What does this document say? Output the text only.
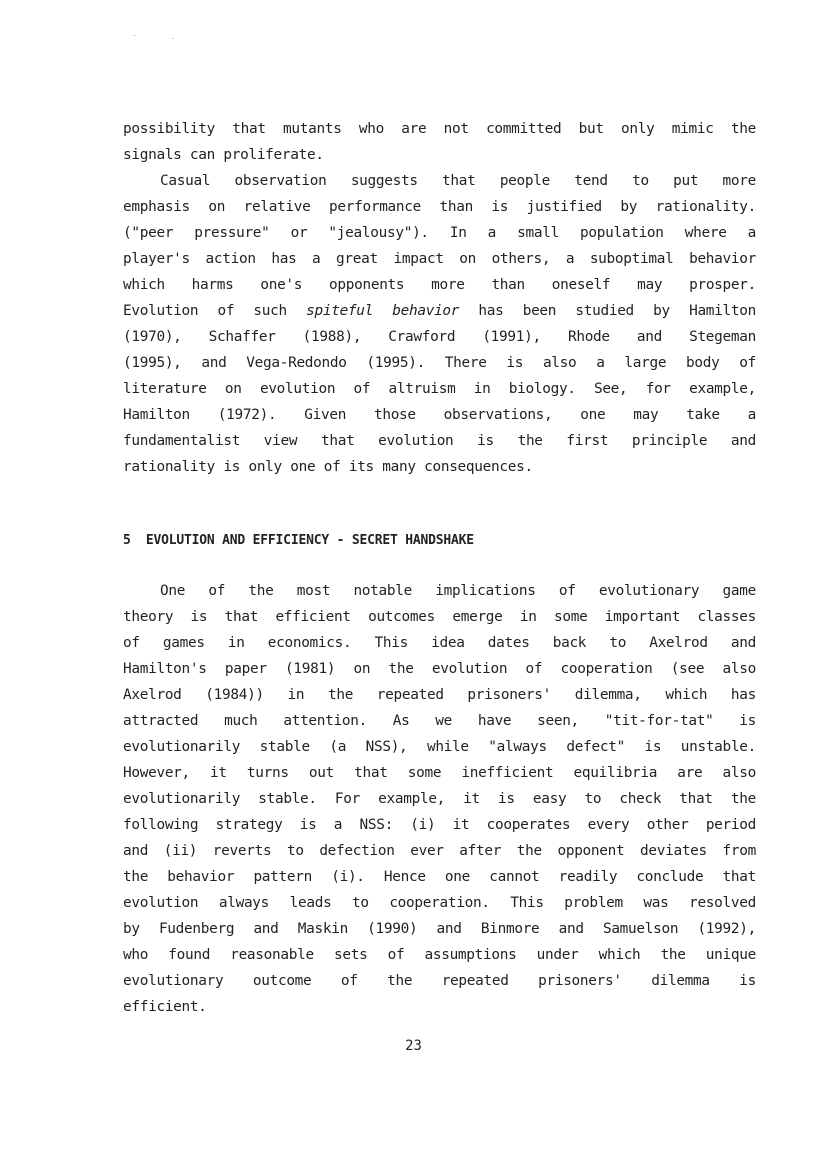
possibility that mutants who are not committed but only mimic the
signals can proliferate.

Casual observation suggests that people tend to put more
emphasis on relative performance than is justified by rationality.
("peer pressure" or "jealousy"). In a small population where a
player's action has a great impact on others, a suboptimal behavior
which harms one's opponents more than oneself may prosper.
Evolution of such spiteful behavior has been studied by Hamilton
(1970), Schaffer (1988), Crawford (1991), Rhode and Stegeman
(1995), and Vega-Redondo (1995). There is also a large body of
literature on evolution of altruism in biology. See, for example,
Hamilton (1972). Given those observations, one may take a
fundamentalist view that evolution is the first principle and
rationality is only one of its many consequences.

5 EVOLUTION AND EFFICIENCY - SECRET HANDSHAKE

One of the most notable implications of evolutionary game
theory is that efficient outcomes emerge in some important classes
of games in economics. This idea dates back to Axelrod and
Hamilton's paper (1981) on the evolution of cooperation (see also
Axelrod (1984)) in the repeated prisoners' dilemma, which has
attracted much attention. As we have seen, "tit-for-tat" is
evolutionarily stable (a NSS), while "always defect" is unstable.
However, it turns out that some inefficient equilibria are also
evolutionarily stable. For example, it is easy to check that the
following strategy is a NSS: (i) it cooperates every other period
and (ii) reverts to defection ever after the opponent deviates from
the behavior pattern (i). Hence one cannot readily conclude that
evolution always leads to cooperation. This problem was resolved
by Fudenberg and Maskin (1990) and Binmore and Samuelson (1992),
who found reasonable sets of assumptions under which the unique
evolutionary outcome of the repeated prisoners' dilemma is
efficient.

23
